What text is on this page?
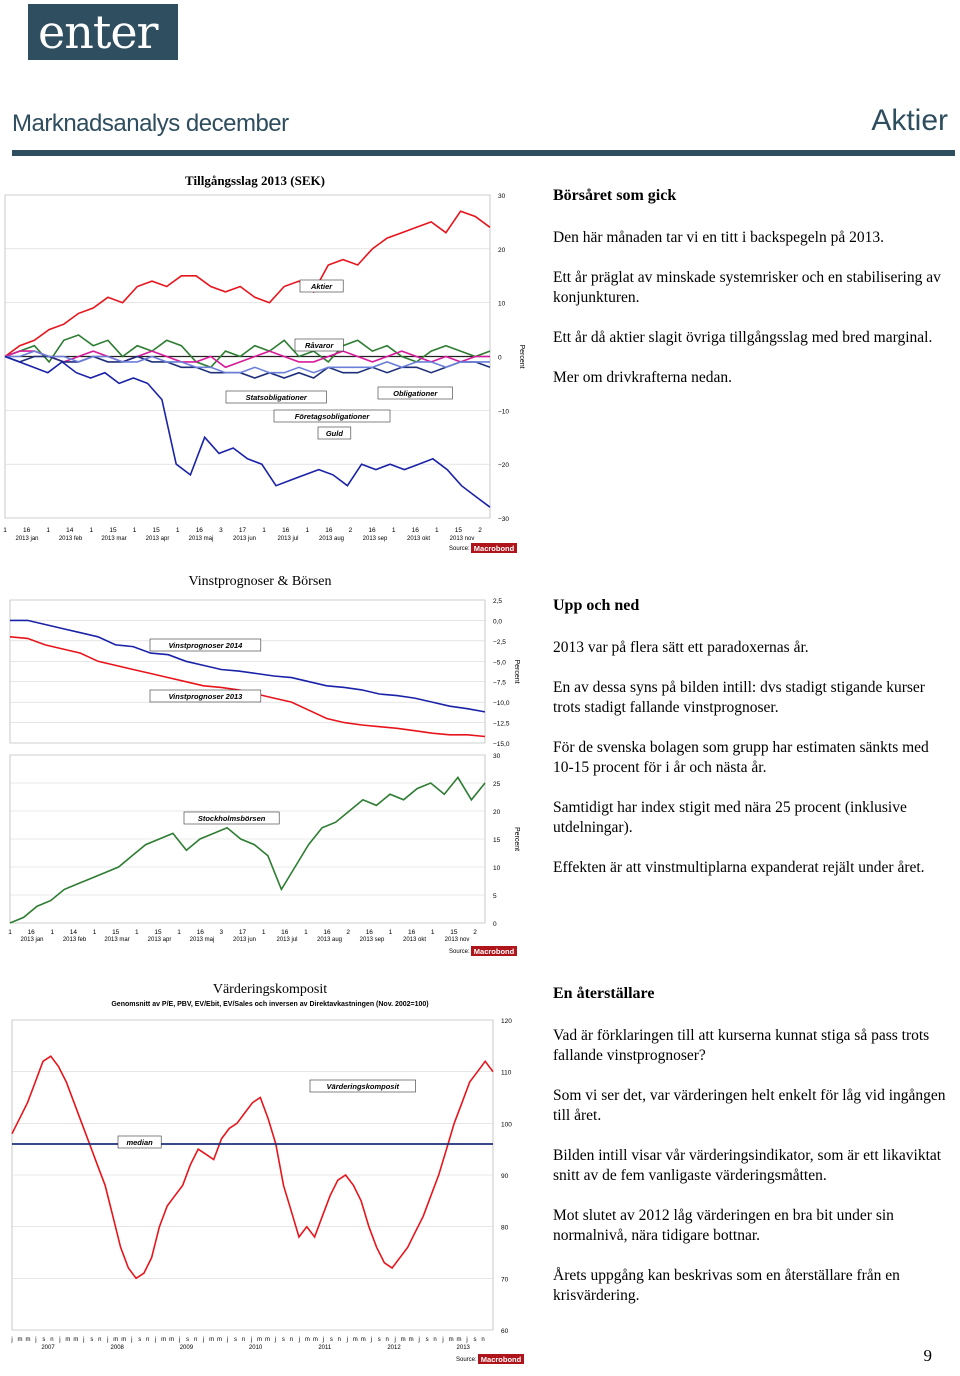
enter
Marknadsanalys december	Aktier
Tillgångsslag 2013 (SEK)
30
20
10
0
−10
−20
−30
Percent
Aktier
Råvaror
Obligationer
Statsobligationer
Företagsobligationer
Guld
1 16 1 14 1 15 1 15 1 16 3 17 1 16 1 16 2 16 1 16 1 15 2
2013 jan	2013 feb	2013 mar	2013 apr	2013 maj	2013 jun	2013 jul	2013 aug	2013 sep	2013 okt	2013 nov
Source: Macrobond
Vinstprognoser & Börsen
2,5
0,0
−2,5
−5,0
−7,5
−10,0
−12,5
−15,0
Percent
30
25
20
15
10
5
0
Percent
Vinstprognoser 2014
Vinstprognoser 2013
Stockholmsbörsen
1 16 1 14 1 15 1 15 1 16 3 17 1 16 1 16 2 16 1 16 1 15 2
2013 jan	2013 feb	2013 mar	2013 apr	2013 maj	2013 jun	2013 jul	2013 aug	2013 sep	2013 okt	2013 nov
Source: Macrobond
Värderingskomposit
Genomsnitt av P/E, PBV, EV/Ebit, EV/Sales och inversen av Direktavkastningen (Nov. 2002=100)
120
110
100
90
80
70
60
median
Värderingskomposit
j m m j s n j m m j s n j m m j s n j m m j s n j m m j s n j m m j s n j m m j s n j m m j s n j m m j s n j m m j s n
2007	2008	2009	2010	2011	2012	2013
Source: Macrobond
Börsåret som gick

Den här månaden tar vi en titt i backspegeln på 2013.

Ett år präglat av minskade systemrisker och en stabilisering av konjunkturen.

Ett år då aktier slagit övriga tillgångsslag med bred marginal.

Mer om drivkrafterna nedan.

Upp och ned

2013 var på flera sätt ett paradoxernas år.

En av dessa syns på bilden intill: dvs stadigt stigande kurser trots stadigt fallande vinstprognoser.

För de svenska bolagen som grupp har estimaten sänkts med 10-15 procent för i år och nästa år.

Samtidigt har index stigit med nära 25 procent (inklusive utdelningar).

Effekten är att vinstmultiplarna expanderat rejält under året.

En återställare

Vad är förklaringen till att kurserna kunnat stiga så pass trots fallande vinstprognoser?

Som vi ser det, var värderingen helt enkelt för låg vid ingången till året.

Bilden intill visar vår värderingsindikator, som är ett likaviktat snitt av de fem vanligaste värderingsmåtten.

Mot slutet av 2012 låg värderingen en bra bit under sin normalnivå, nära tidigare bottnar.

Årets uppgång kan beskrivas som en återställare från en krisvärdering.

9
